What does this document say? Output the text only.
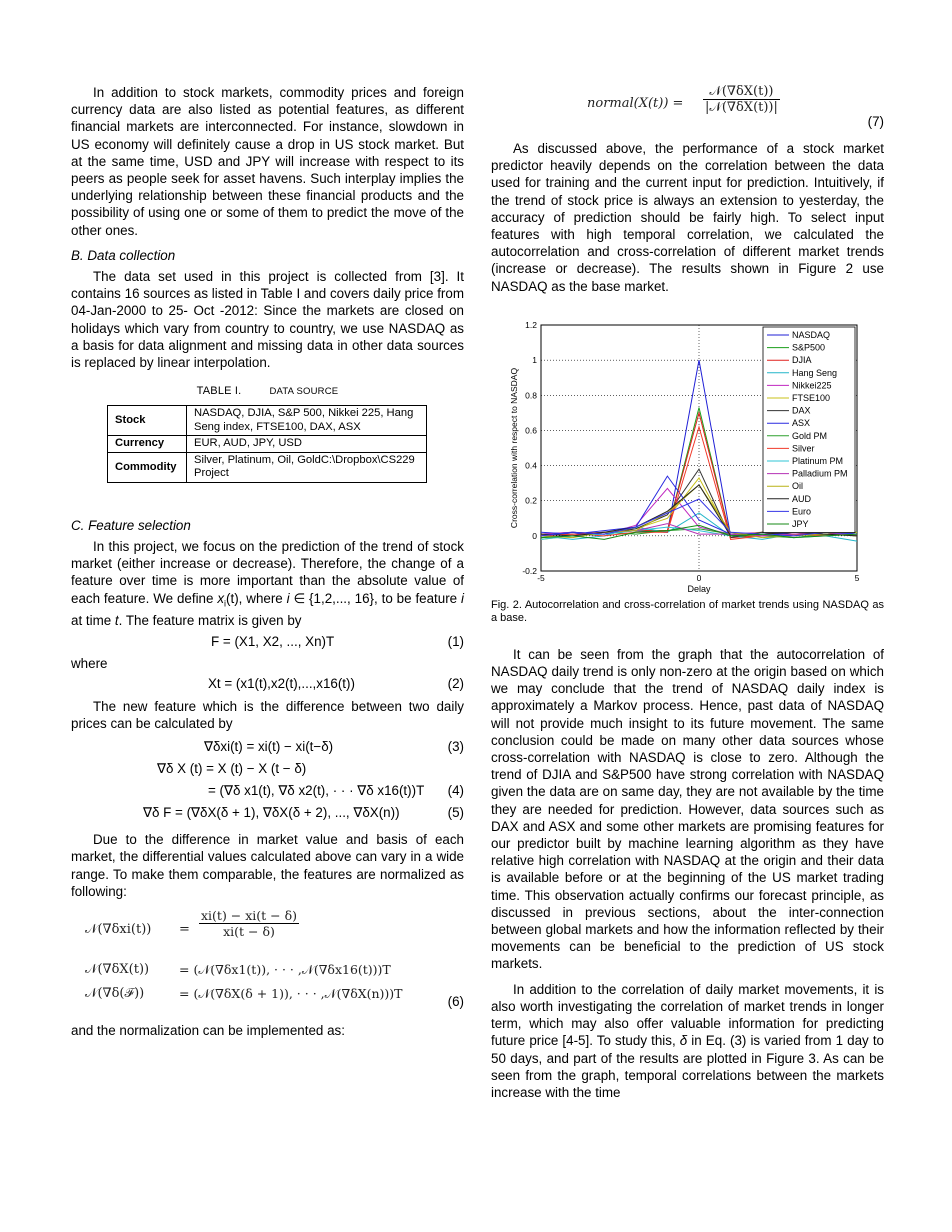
In addition to stock markets, commodity prices and foreign currency data are also listed as potential features, as different financial markets are interconnected. For instance, slowdown in US economy will definitely cause a drop in US stock market. But at the same time, USD and JPY will increase with respect to its peers as people seek for asset havens. Such interplay implies the underlying relationship between these financial products and the possibility of using one or some of them to predict the move of the other ones.

B. Data collection

The data set used in this project is collected from [3]. It contains 16 sources as listed in Table I and covers daily price from 04-Jan-2000 to 25- Oct -2012: Since the markets are closed on holidays which vary from country to country, we use NASDAQ as a basis for data alignment and missing data in other data sources is replaced by linear interpolation.

TABLE I.	DATA SOURCE
Stock	NASDAQ, DJIA, S&P 500, Nikkei 225, Hang Seng index, FTSE100, DAX, ASX
Currency	EUR, AUD, JPY, USD
Commodity	Silver, Platinum, Oil, GoldC:\Dropbox\CS229 Project
C. Feature selection

In this project, we focus on the prediction of the trend of stock market (either increase or decrease). Therefore, the change of a feature over time is more important than the absolute value of each feature. We define $x_i(t)$, where i ∈ {1,2,..., 16}, to be feature i at time t. The feature matrix is given by

F = (X1, X2, ..., Xn)T	(1)

where

Xt = (x1(t),x2(t),...,x16(t))	(2)

The new feature which is the difference between two daily prices can be calculated by

∇δxi(t) = xi(t) − xi(t−δ)	(3)
∇δ X (t) = X (t) − X (t − δ)
= (∇δ x1(t), ∇δ x2(t), · · · ∇δ x16(t))T (4)
∇δ F = (∇δX(δ + 1), ∇δX(δ + 2), ..., ∇δX(n))	(5)

Due to the difference in market value and basis of each market, the differential values calculated above can vary in a wide range. To make them comparable, the features are normalized as following:

𝒩(∇δxi(t)) = $\frac{xi(t) - xi(t - \delta)}{xi(t - \delta)}$
𝒩(∇δX(t)) = (𝒩(∇δx1(t)), · · · ,𝒩(∇δx16(t)))T
𝒩(∇δ(ℱ))	= (𝒩(∇δX(δ + 1)), · · · ,𝒩(∇δX(n)))T
(6)

and the normalization can be implemented as:

normal(X(t)) =
𝒩(∇δX(t))
|𝒩(∇δX(t))|
(7)

As discussed above, the performance of a stock market predictor heavily depends on the correlation between the data used for training and the current input for prediction. Intuitively, if the trend of stock price is always an extension to yesterday, the accuracy of prediction should be fairly high. To select input features with high temporal correlation, we calculated the autocorrelation and cross-correlation of different market trends (increase or decrease). The results shown in Figure 2 use NASDAQ as the base market.

-0.2
0
0.2
0.4
0.6
0.8
1
1.2
-5	0	5
Delay
Cross-correlation with respect to NASDAQ
NASDAQ
S&P500
DJIA
Hang Seng
Nikkei225
FTSE100
DAX
ASX
Gold PM
Silver
Platinum PM
Palladium PM
Oil
AUD
Euro
JPY

Fig. 2. Autocorrelation and cross-correlation of market trends using NASDAQ as a base.

It can be seen from the graph that the autocorrelation of NASDAQ daily trend is only non-zero at the origin based on which we may conclude that the trend of NASDAQ daily index is approximately a Markov process. Hence, past data of NASDAQ will not provide much insight to its future movement. The same conclusion could be made on many other data sources whose cross-correlation with NASDAQ is close to zero. Although the trend of DJIA and S&P500 have strong correlation with NASDAQ given the data are on same day, they are not available by the time they are needed for prediction. However, data sources such as DAX and ASX and some other markets are promising features for our predictor built by machine learning algorithm as they have relative high correlation with NASDAQ at the origin and their data is available before or at the beginning of the US market trading time. This observation actually confirms our forecast principle, as discussed in previous sections, about the inter-connection between global markets and how the information reflected by their movements can be beneficial to the prediction of US stock markets.

In addition to the correlation of daily market movements, it is also worth investigating the correlation of market trends in longer term, which may also offer valuable information for predicting future price [4-5]. To study this, δ in Eq. (3) is varied from 1 day to 50 days, and part of the results are plotted in Figure 3. As can be seen from the graph, temporal correlations between the markets increase with the time
